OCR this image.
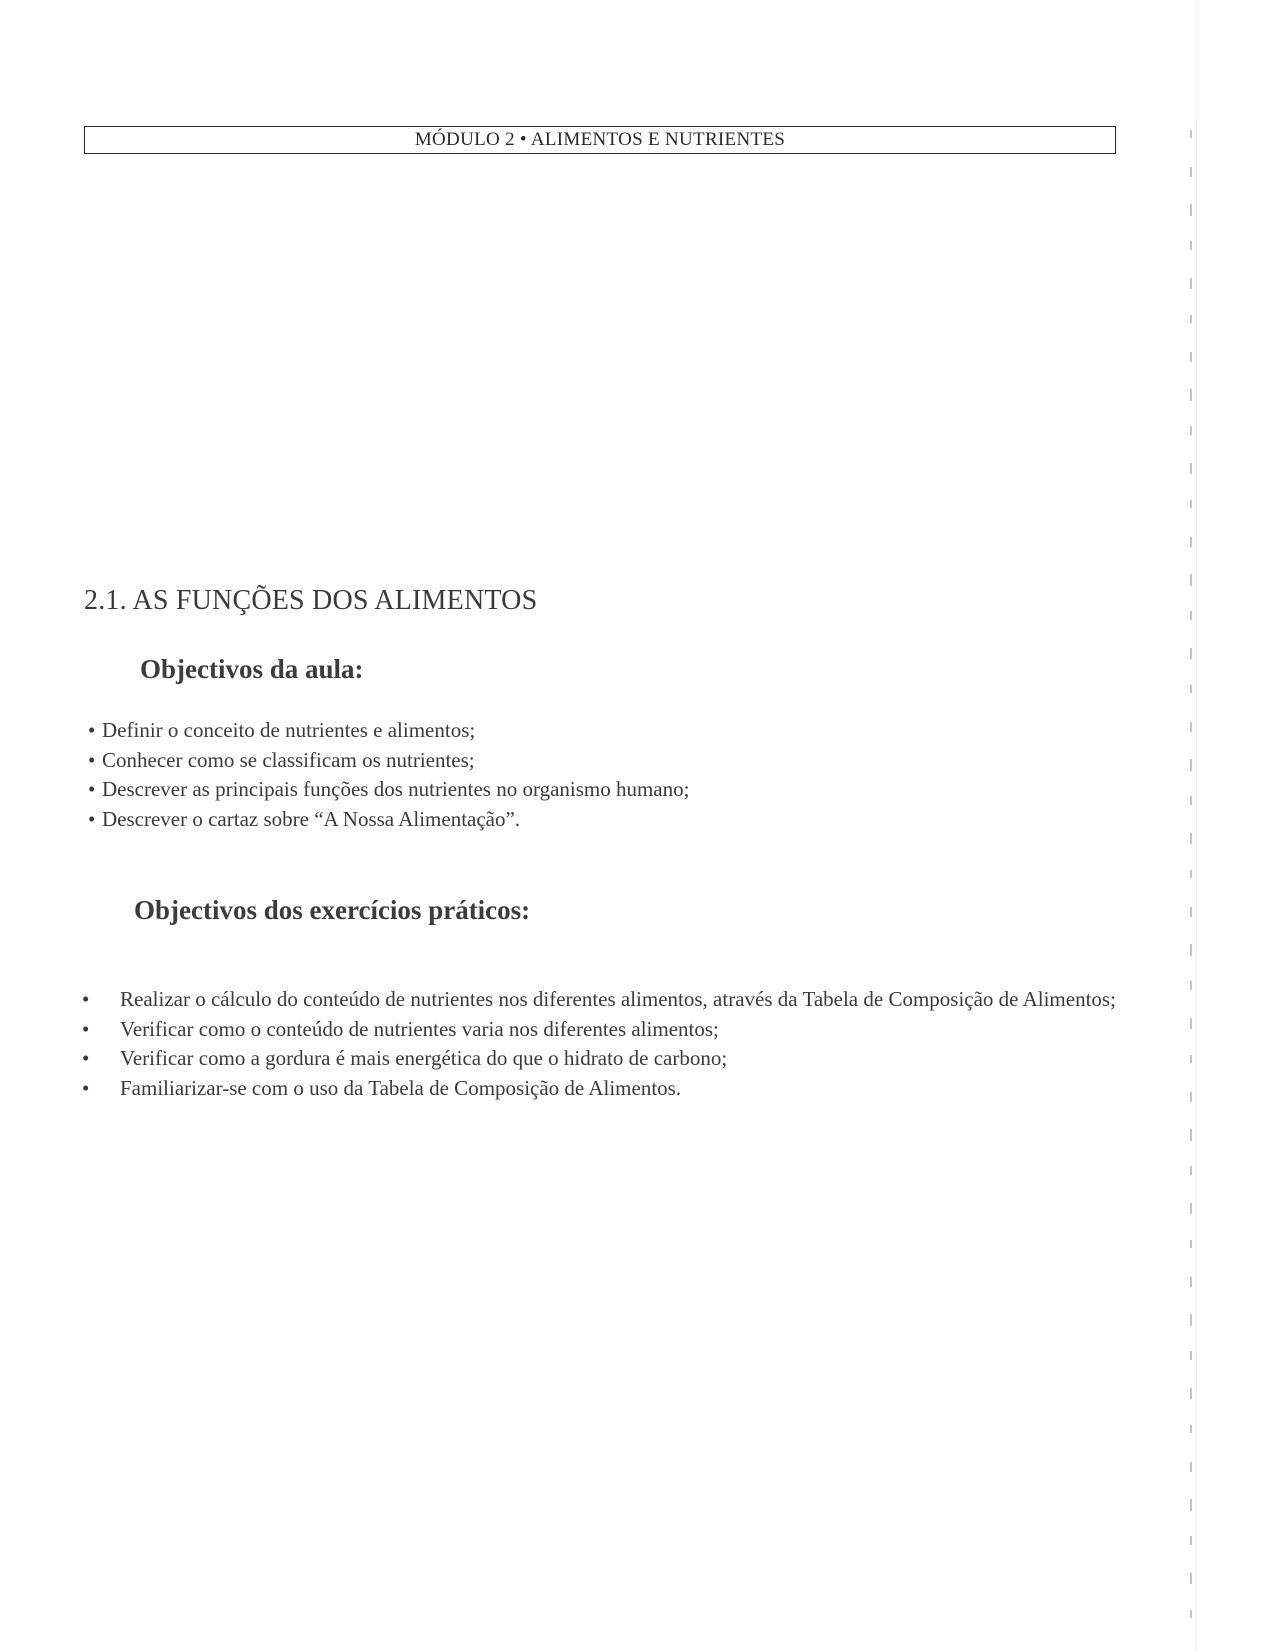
MÓDULO 2 • ALIMENTOS E NUTRIENTES
2.1. AS FUNÇÕES DOS ALIMENTOS
Objectivos da aula:
• Definir o conceito de nutrientes e alimentos;
• Conhecer como se classificam os nutrientes;
• Descrever as principais funções dos nutrientes no organismo humano;
• Descrever o cartaz sobre “A Nossa Alimentação”.
Objectivos dos exercícios práticos:
• Realizar o cálculo do conteúdo de nutrientes nos diferentes alimentos, através da Tabela de Composição de Alimentos;
• Verificar como o conteúdo de nutrientes varia nos diferentes alimentos;
• Verificar como a gordura é mais energética do que o hidrato de carbono;
• Familiarizar-se com o uso da Tabela de Composição de Alimentos.
